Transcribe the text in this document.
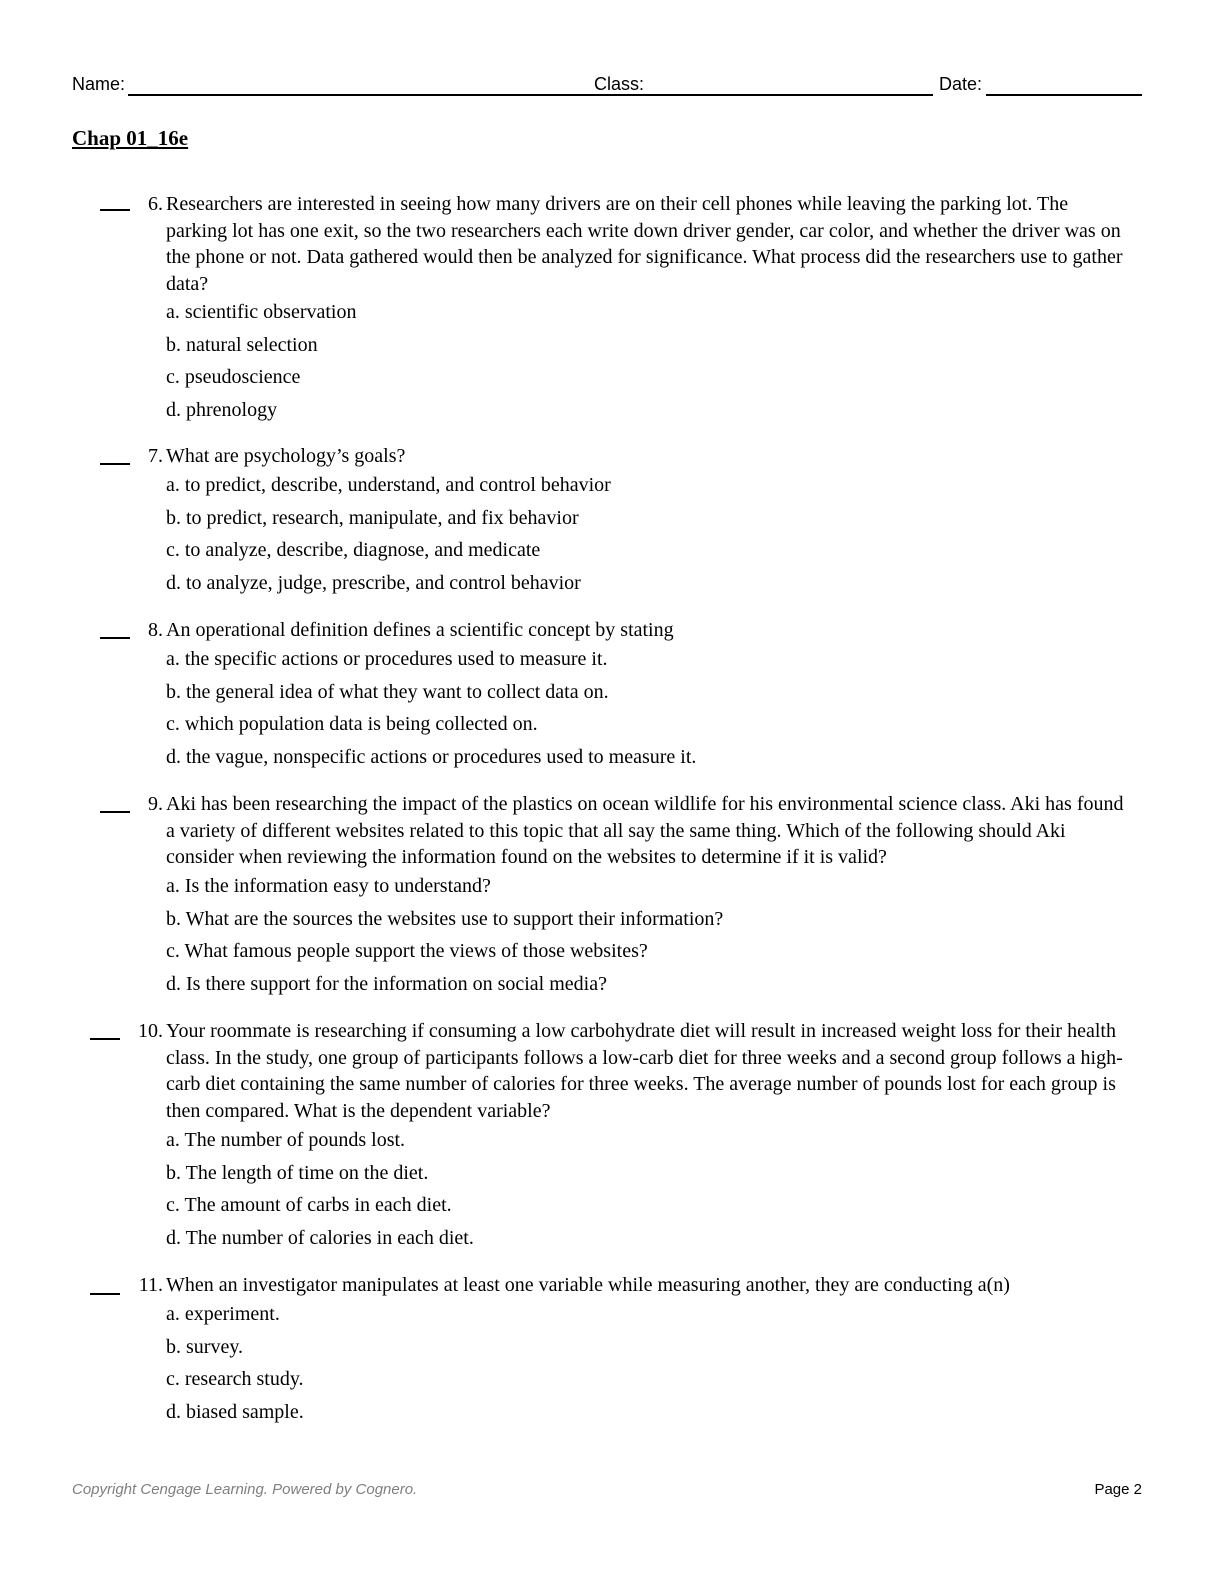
Name:	Class:	Date:
Chap 01_16e
6. Researchers are interested in seeing how many drivers are on their cell phones while leaving the parking lot. The parking lot has one exit, so the two researchers each write down driver gender, car color, and whether the driver was on the phone or not. Data gathered would then be analyzed for significance. What process did the researchers use to gather data?
a. scientific observation
b. natural selection
c. pseudoscience
d. phrenology
7. What are psychology’s goals?
a. to predict, describe, understand, and control behavior
b. to predict, research, manipulate, and fix behavior
c. to analyze, describe, diagnose, and medicate
d. to analyze, judge, prescribe, and control behavior
8. An operational definition defines a scientific concept by stating
a. the specific actions or procedures used to measure it.
b. the general idea of what they want to collect data on.
c. which population data is being collected on.
d. the vague, nonspecific actions or procedures used to measure it.
9. Aki has been researching the impact of the plastics on ocean wildlife for his environmental science class. Aki has found a variety of different websites related to this topic that all say the same thing. Which of the following should Aki consider when reviewing the information found on the websites to determine if it is valid?
a. Is the information easy to understand?
b. What are the sources the websites use to support their information?
c. What famous people support the views of those websites?
d. Is there support for the information on social media?
10. Your roommate is researching if consuming a low carbohydrate diet will result in increased weight loss for their health class. In the study, one group of participants follows a low-carb diet for three weeks and a second group follows a high-carb diet containing the same number of calories for three weeks. The average number of pounds lost for each group is then compared. What is the dependent variable?
a. The number of pounds lost.
b. The length of time on the diet.
c. The amount of carbs in each diet.
d. The number of calories in each diet.
11. When an investigator manipulates at least one variable while measuring another, they are conducting a(n)
a. experiment.
b. survey.
c. research study.
d. biased sample.
Copyright Cengage Learning. Powered by Cognero.	Page 2
